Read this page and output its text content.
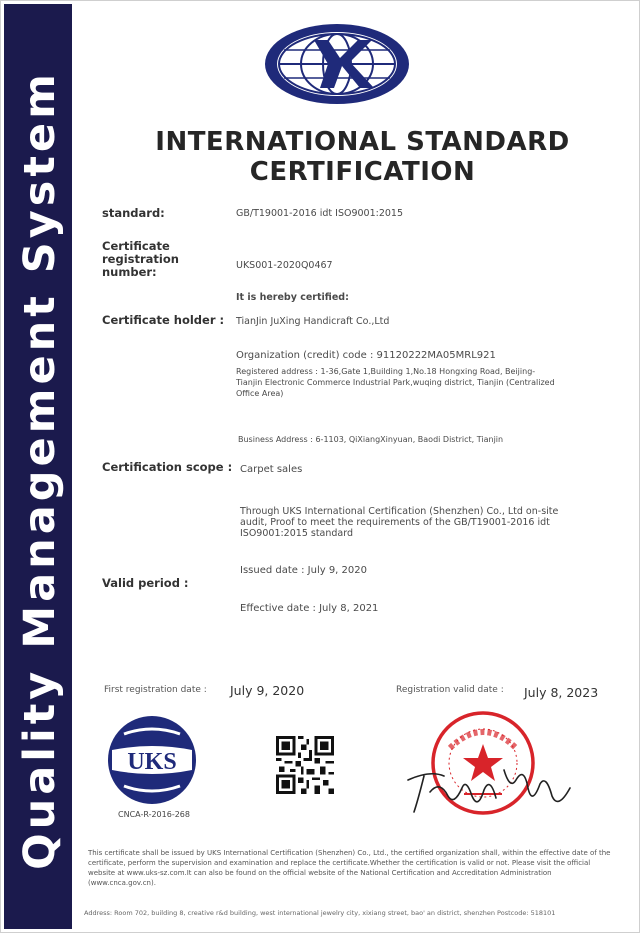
Quality Management System	INTERNATIONAL STANDARD
CERTIFICATION
standard:	GB/T19001-2016 idt ISO9001:2015
Certificate
registration
number:	UKS001-2020Q0467
It is hereby certified:
Certificate holder : TianJin JuXing Handicraft Co.,Ltd
Organization (credit) code : 91120222MA05MRL921
Registered address : 1-36,Gate 1,Building 1,No.18 Hongxing Road, Beijing-Tianjin Electronic Commerce Industrial Park,wuqing district, Tianjin (Centralized Office Area)
Business Address : 6-1103, QiXiangXinyuan, Baodi District, Tianjin
Certification scope : Carpet sales
Through UKS International Certification (Shenzhen) Co., Ltd on-site audit, Proof to meet the requirements of the GB/T19001-2016 idt ISO9001:2015 standard
Valid period :
Issued date : July 9, 2020
Effective date : July 8, 2021
First registration date : July 9, 2020	Registration valid date : July 8, 2023
UKS
CNCA-R-2016-268
This certificate shall be issued by UKS International Certification (Shenzhen) Co., Ltd., the certified organization shall, within the effective date of the certificate, perform the supervision and examination and replace the certificate.Whether the certification is valid or not. Please visit the official website at www.uks-sz.com.It can also be found on the official website of the National Certification and Accreditation Administration (www.cnca.gov.cn).
Address: Room 702, building 8, creative r&d building, west international jewelry city, xixiang street, bao' an district, shenzhen Postcode: 518101
